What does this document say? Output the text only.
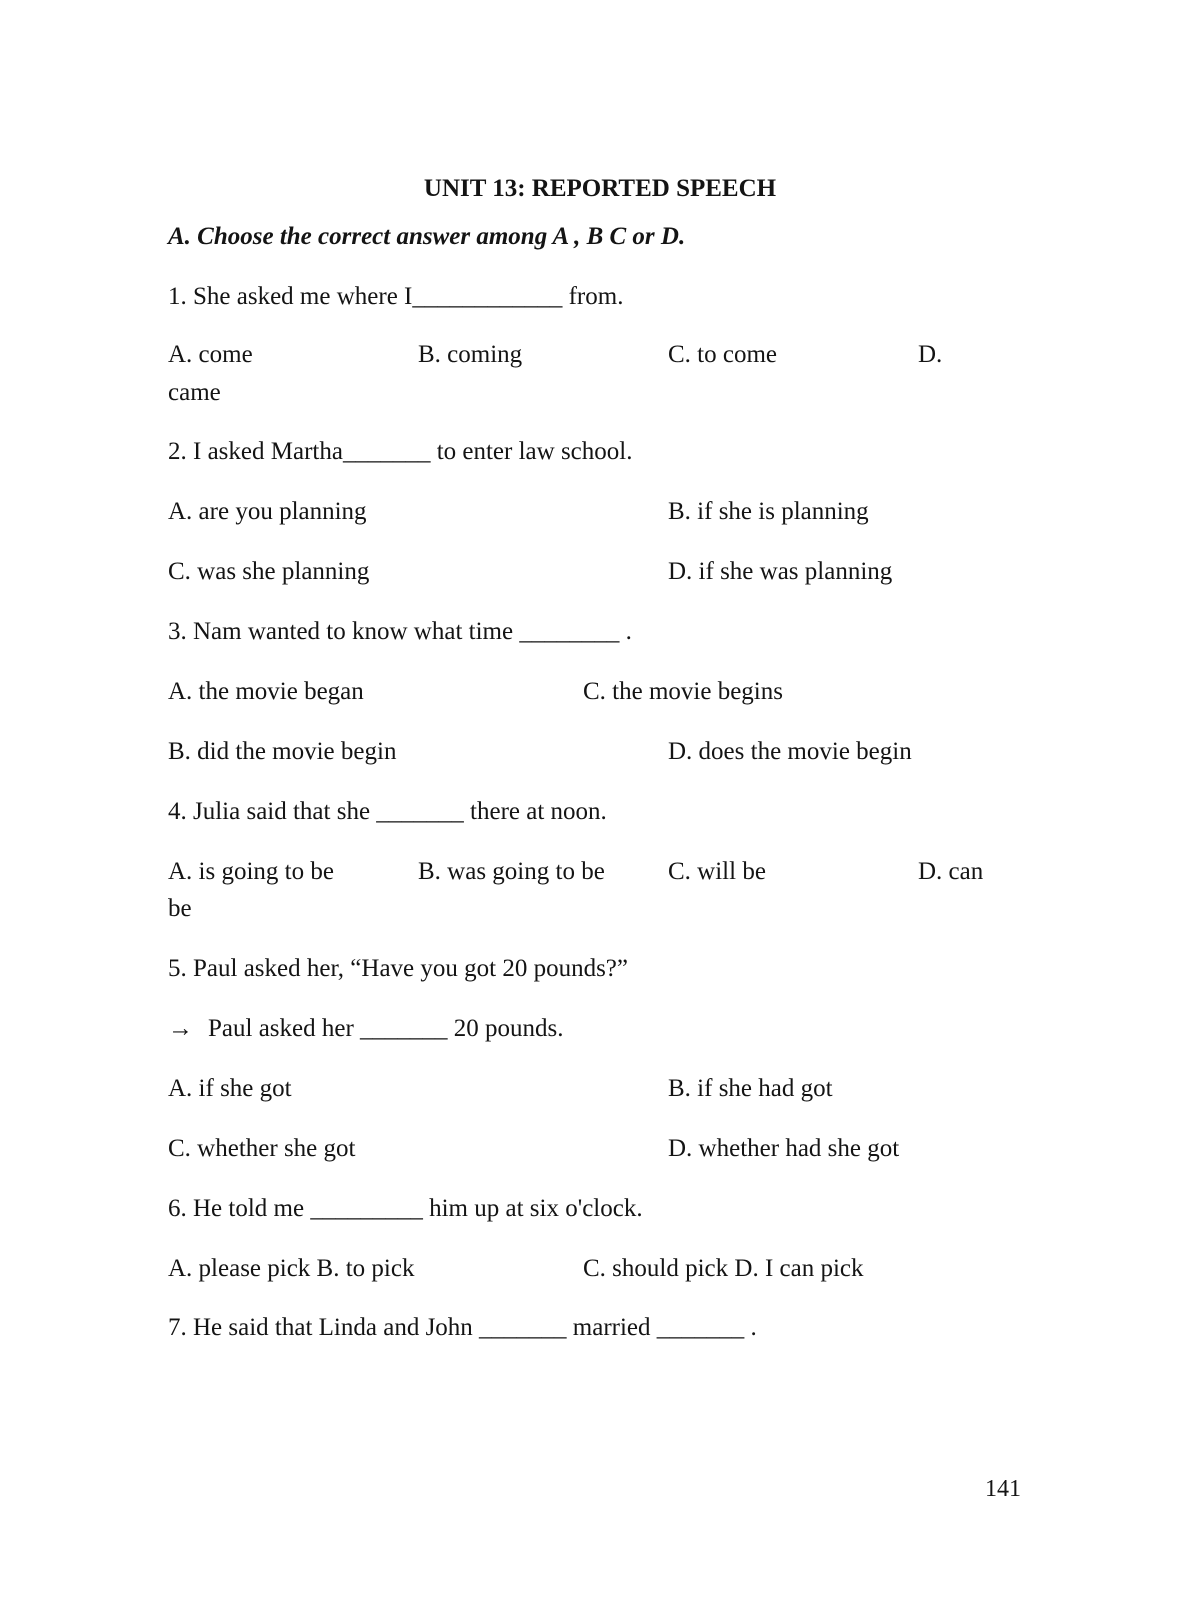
UNIT 13: REPORTED SPEECH
A. Choose the correct answer among A , B C or D.
1. She asked me where I____________ from.
A. come	B. coming	C. to come	D.
came
2. I asked Martha_______ to enter law school.
A. are you planning	B. if she is planning
C. was she planning	D. if she was planning
3. Nam wanted to know what time ________ .
A. the movie began	C. the movie begins
B. did the movie begin	D. does the movie begin
4. Julia said that she _______ there at noon.
A. is going to be	B. was going to be	C. will be	D. can
be
5. Paul asked her, “Have you got 20 pounds?”
→ Paul asked her _______ 20 pounds.
A. if she got	B. if she had got
C. whether she got	D. whether had she got
6. He told me _________ him up at six o'clock.
A. please pick B. to pick	C. should pick D. I can pick
7. He said that Linda and John _______ married _______ .
141
